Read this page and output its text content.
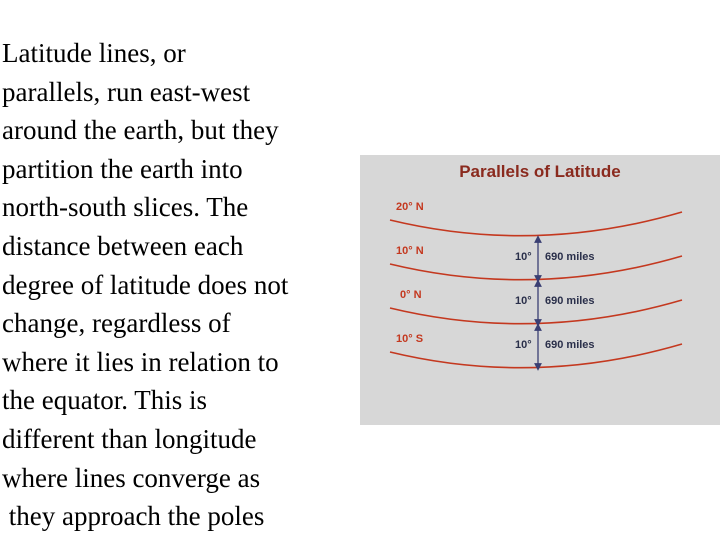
Latitude lines, or
parallels, run east-west
around the earth, but they
partition the earth into
north-south slices. The
distance between each
degree of latitude does not
change, regardless of
where it lies in relation to
the equator. This is
different than longitude
where lines converge as
they approach the poles
Parallels of Latitude
20° N
10° N
0° N
10° S
10° 690 miles
10° 690 miles
10° 690 miles
